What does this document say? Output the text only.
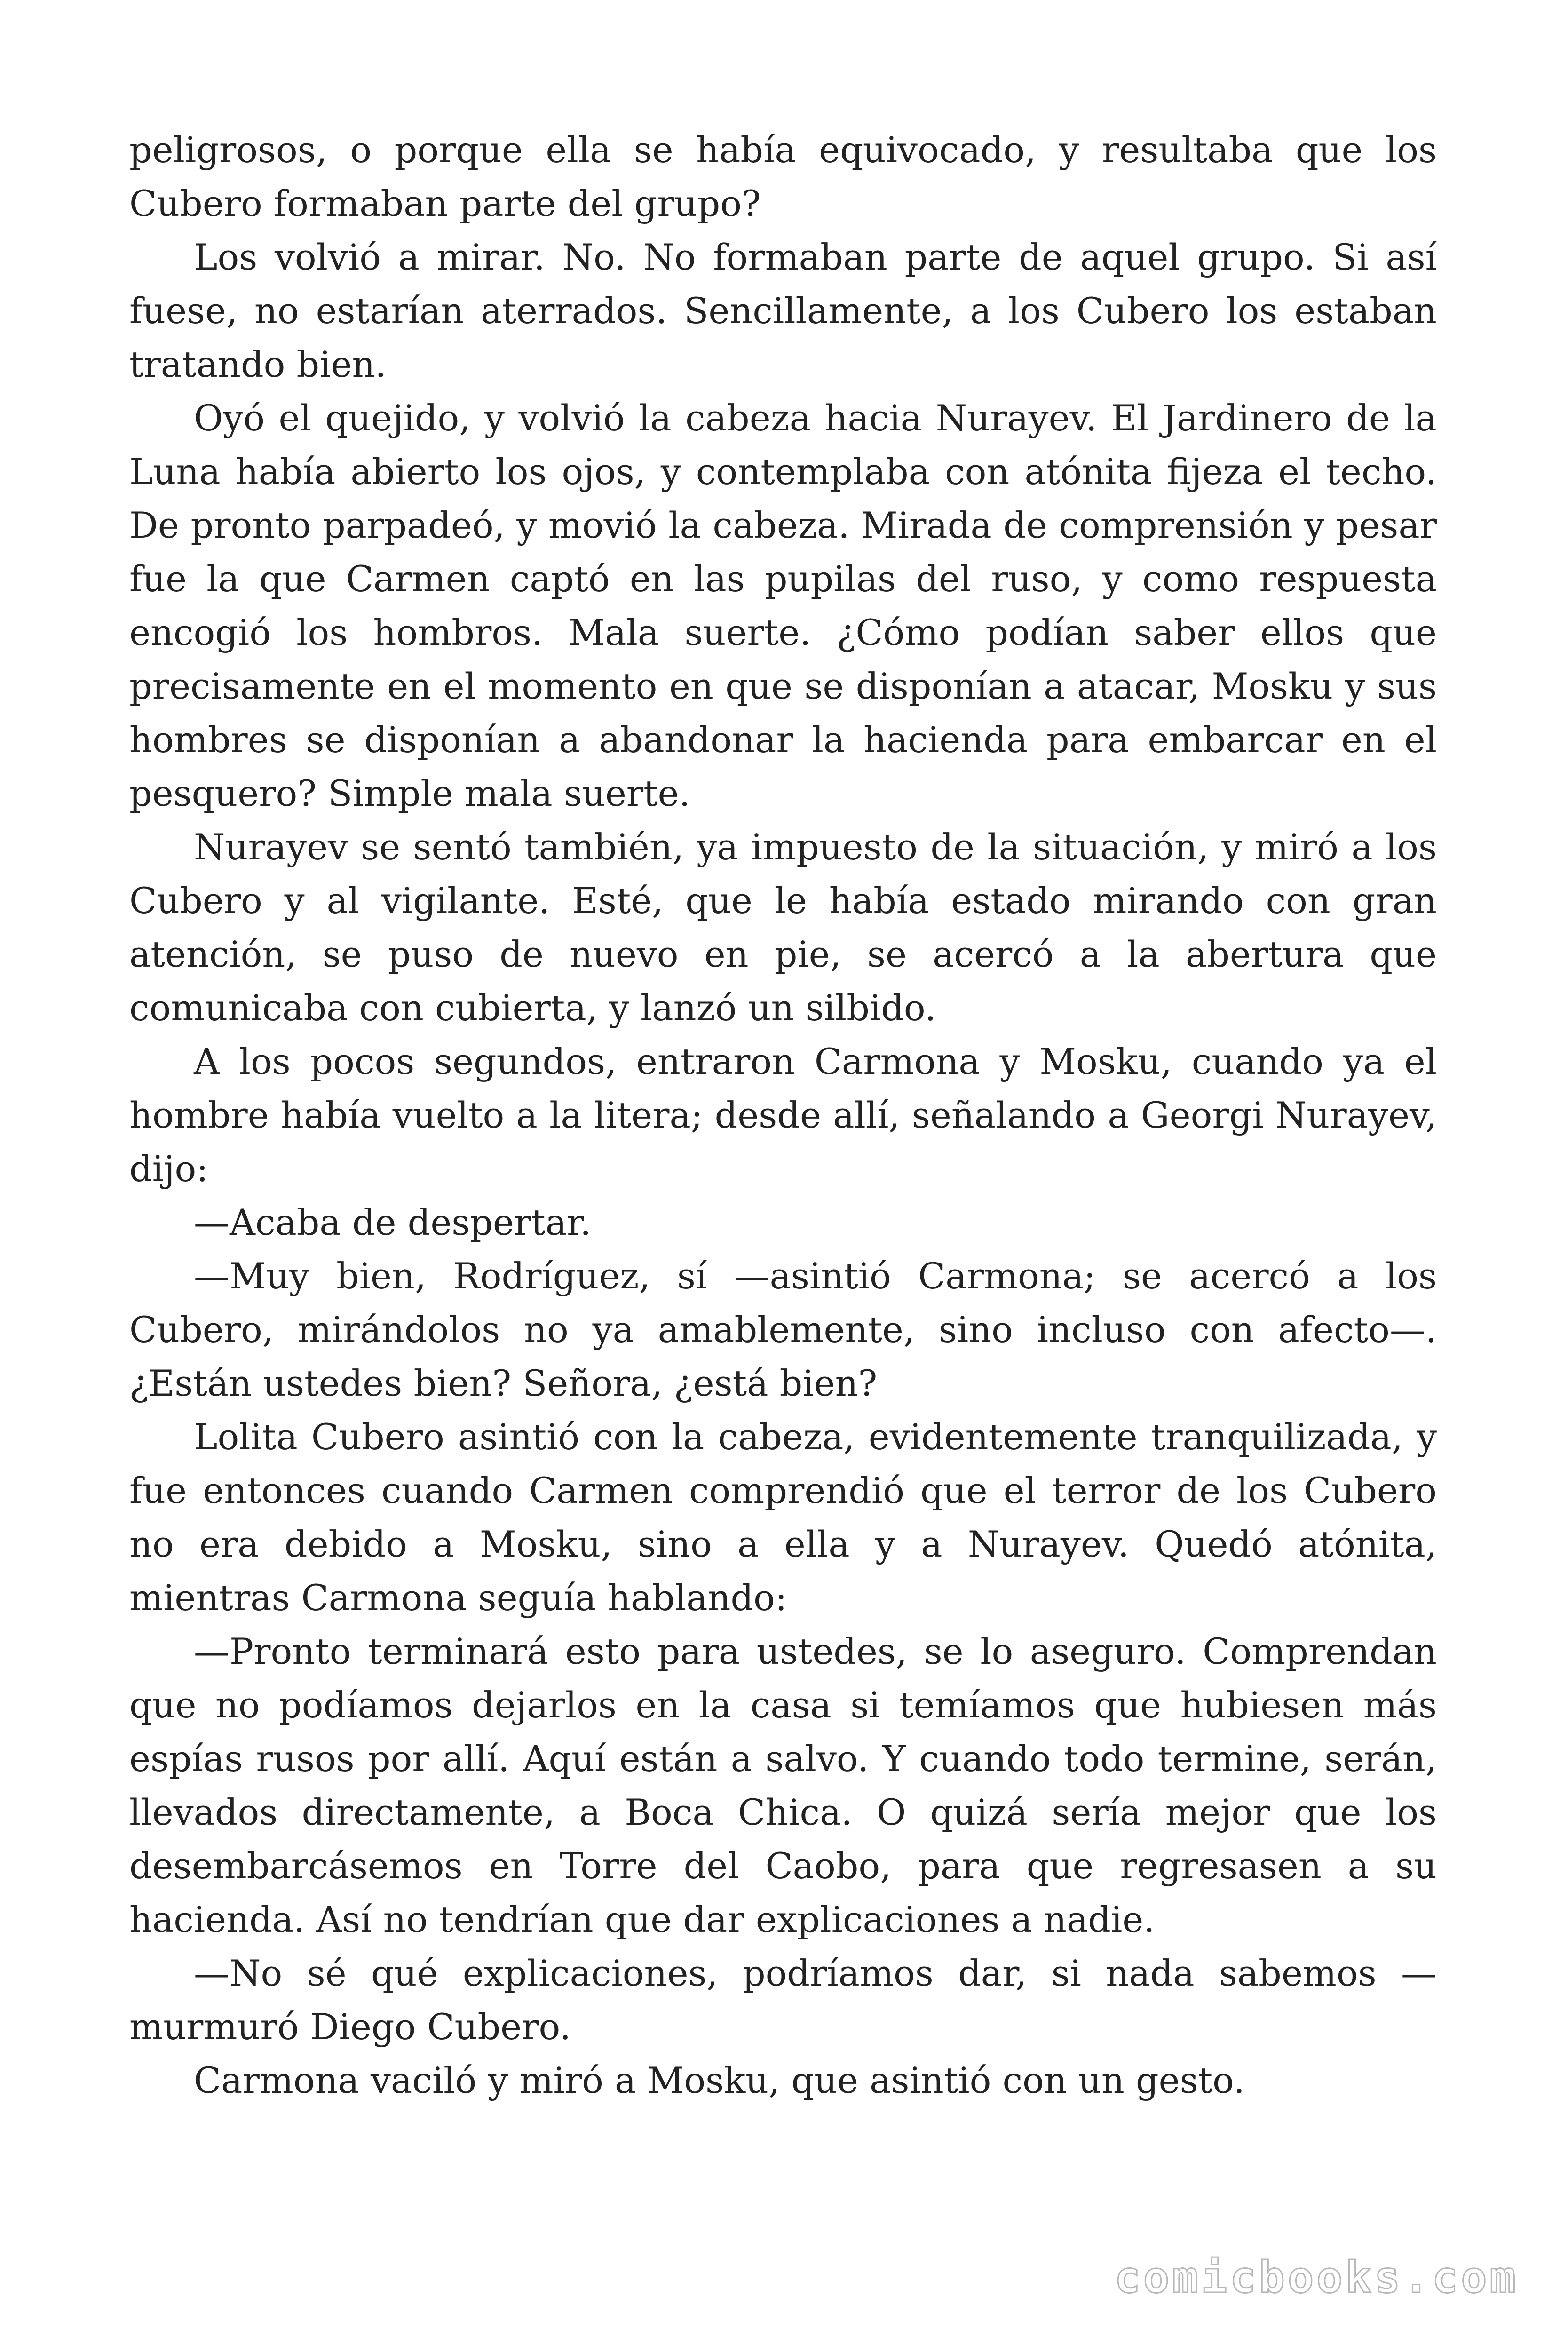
peligrosos, o porque ella se había equivocado, y resultaba que los Cubero formaban parte del grupo?

Los volvió a mirar. No. No formaban parte de aquel grupo. Si así fuese, no estarían aterrados. Sencillamente, a los Cubero los estaban tratando bien.

Oyó el quejido, y volvió la cabeza hacia Nurayev. El Jardinero de la Luna había abierto los ojos, y contemplaba con atónita fijeza el techo. De pronto parpadeó, y movió la cabeza. Mirada de comprensión y pesar fue la que Carmen captó en las pupilas del ruso, y como respuesta encogió los hombros. Mala suerte. ¿Cómo podían saber ellos que precisamente en el momento en que se disponían a atacar, Mosku y sus hombres se disponían a abandonar la hacienda para embarcar en el pesquero? Simple mala suerte.

Nurayev se sentó también, ya impuesto de la situación, y miró a los Cubero y al vigilante. Esté, que le había estado mirando con gran atención, se puso de nuevo en pie, se acercó a la abertura que comunicaba con cubierta, y lanzó un silbido.

A los pocos segundos, entraron Carmona y Mosku, cuando ya el hombre había vuelto a la litera; desde allí, señalando a Georgi Nurayev, dijo:

—Acaba de despertar.

—Muy bien, Rodríguez, sí —asintió Carmona; se acercó a los Cubero, mirándolos no ya amablemente, sino incluso con afecto—. ¿Están ustedes bien? Señora, ¿está bien?

Lolita Cubero asintió con la cabeza, evidentemente tranquilizada, y fue entonces cuando Carmen comprendió que el terror de los Cubero no era debido a Mosku, sino a ella y a Nurayev. Quedó atónita, mientras Carmona seguía hablando:

—Pronto terminará esto para ustedes, se lo aseguro. Comprendan que no podíamos dejarlos en la casa si temíamos que hubiesen más espías rusos por allí. Aquí están a salvo. Y cuando todo termine, serán, llevados directamente, a Boca Chica. O quizá sería mejor que los desembarcásemos en Torre del Caobo, para que regresasen a su hacienda. Así no tendrían que dar explicaciones a nadie.

—No sé qué explicaciones, podríamos dar, si nada sabemos —murmuró Diego Cubero.

Carmona vaciló y miró a Mosku, que asintió con un gesto.

comicbooks.com
